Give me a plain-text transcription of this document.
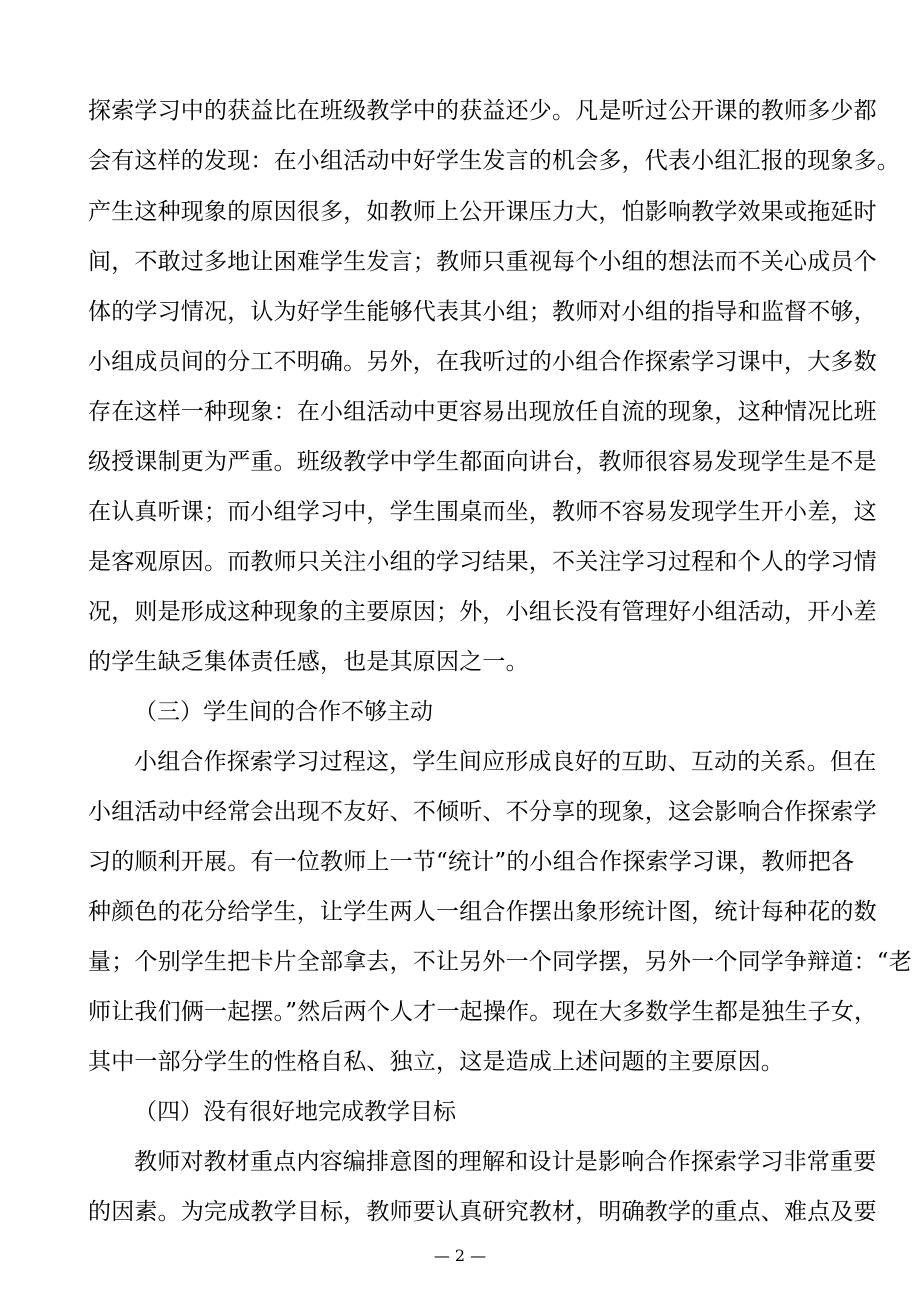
探索学习中的获益比在班级教学中的获益还少。凡是听过公开课的教师多少都
会有这样的发现：在小组活动中好学生发言的机会多，代表小组汇报的现象多。
产生这种现象的原因很多，如教师上公开课压力大，怕影响教学效果或拖延时
间，不敢过多地让困难学生发言；教师只重视每个小组的想法而不关心成员个
体的学习情况，认为好学生能够代表其小组；教师对小组的指导和监督不够，
小组成员间的分工不明确。另外，在我听过的小组合作探索学习课中，大多数
存在这样一种现象：在小组活动中更容易出现放任自流的现象，这种情况比班
级授课制更为严重。班级教学中学生都面向讲台，教师很容易发现学生是不是
在认真听课；而小组学习中，学生围桌而坐，教师不容易发现学生开小差，这
是客观原因。而教师只关注小组的学习结果，不关注学习过程和个人的学习情
况，则是形成这种现象的主要原因；外，小组长没有管理好小组活动，开小差
的学生缺乏集体责任感，也是其原因之一。
（三）学生间的合作不够主动
小组合作探索学习过程这，学生间应形成良好的互助、互动的关系。但在
小组活动中经常会出现不友好、不倾听、不分享的现象，这会影响合作探索学
习的顺利开展。有一位教师上一节“统计”的小组合作探索学习课，教师把各
种颜色的花分给学生，让学生两人一组合作摆出象形统计图，统计每种花的数
量；个别学生把卡片全部拿去，不让另外一个同学摆，另外一个同学争辩道：“老
师让我们俩一起摆。”然后两个人才一起操作。现在大多数学生都是独生子女，
其中一部分学生的性格自私、独立，这是造成上述问题的主要原因。
（四）没有很好地完成教学目标
教师对教材重点内容编排意图的理解和设计是影响合作探索学习非常重要
的因素。为完成教学目标，教师要认真研究教材，明确教学的重点、难点及要
— 2 —
